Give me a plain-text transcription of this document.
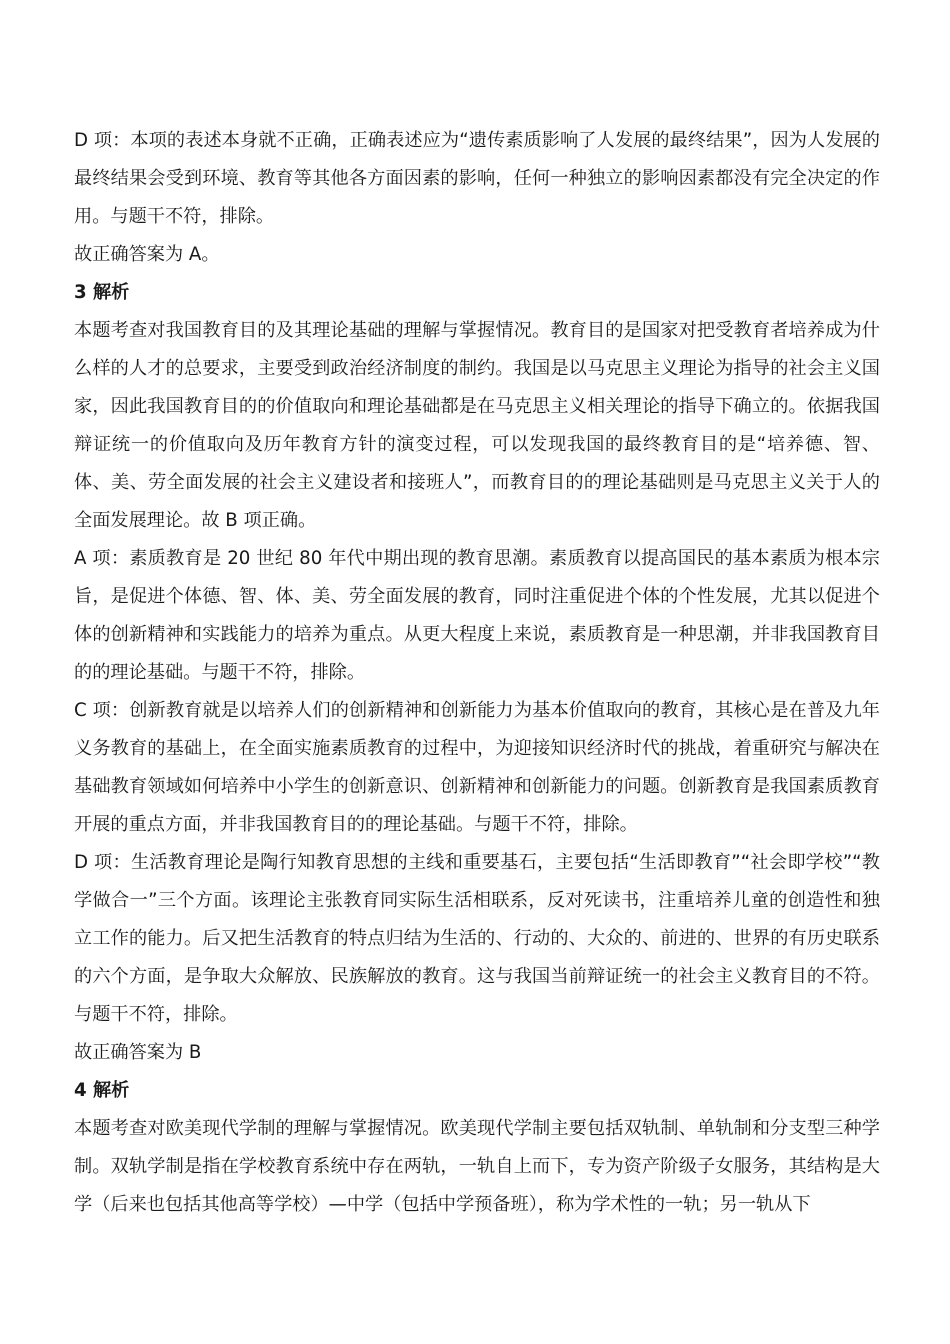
D 项：本项的表述本身就不正确，正确表述应为“遗传素质影响了人发展的最终结果”，因为人发展的最终结果会受到环境、教育等其他各方面因素的影响，任何一种独立的影响因素都没有完全决定的作用。与题干不符，排除。

故正确答案为 A。

3 解析

本题考查对我国教育目的及其理论基础的理解与掌握情况。教育目的是国家对把受教育者培养成为什么样的人才的总要求，主要受到政治经济制度的制约。我国是以马克思主义理论为指导的社会主义国家，因此我国教育目的的价值取向和理论基础都是在马克思主义相关理论的指导下确立的。依据我国辩证统一的价值取向及历年教育方针的演变过程，可以发现我国的最终教育目的是“培养德、智、体、美、劳全面发展的社会主义建设者和接班人”，而教育目的的理论基础则是马克思主义关于人的全面发展理论。故 B 项正确。

A 项：素质教育是 20 世纪 80 年代中期出现的教育思潮。素质教育以提高国民的基本素质为根本宗旨，是促进个体德、智、体、美、劳全面发展的教育，同时注重促进个体的个性发展，尤其以促进个体的创新精神和实践能力的培养为重点。从更大程度上来说，素质教育是一种思潮，并非我国教育目的的理论基础。与题干不符，排除。

C 项：创新教育就是以培养人们的创新精神和创新能力为基本价值取向的教育，其核心是在普及九年义务教育的基础上，在全面实施素质教育的过程中，为迎接知识经济时代的挑战，着重研究与解决在基础教育领域如何培养中小学生的创新意识、创新精神和创新能力的问题。创新教育是我国素质教育开展的重点方面，并非我国教育目的的理论基础。与题干不符，排除。

D 项：生活教育理论是陶行知教育思想的主线和重要基石，主要包括“生活即教育”“社会即学校”“教学做合一”三个方面。该理论主张教育同实际生活相联系，反对死读书，注重培养儿童的创造性和独立工作的能力。后又把生活教育的特点归结为生活的、行动的、大众的、前进的、世界的有历史联系的六个方面，是争取大众解放、民族解放的教育。这与我国当前辩证统一的社会主义教育目的不符。与题干不符，排除。

故正确答案为 B

4 解析

本题考查对欧美现代学制的理解与掌握情况。欧美现代学制主要包括双轨制、单轨制和分支型三种学制。双轨学制是指在学校教育系统中存在两轨，一轨自上而下，专为资产阶级子女服务，其结构是大学（后来也包括其他高等学校）—中学（包括中学预备班），称为学术性的一轨；另一轨从下
